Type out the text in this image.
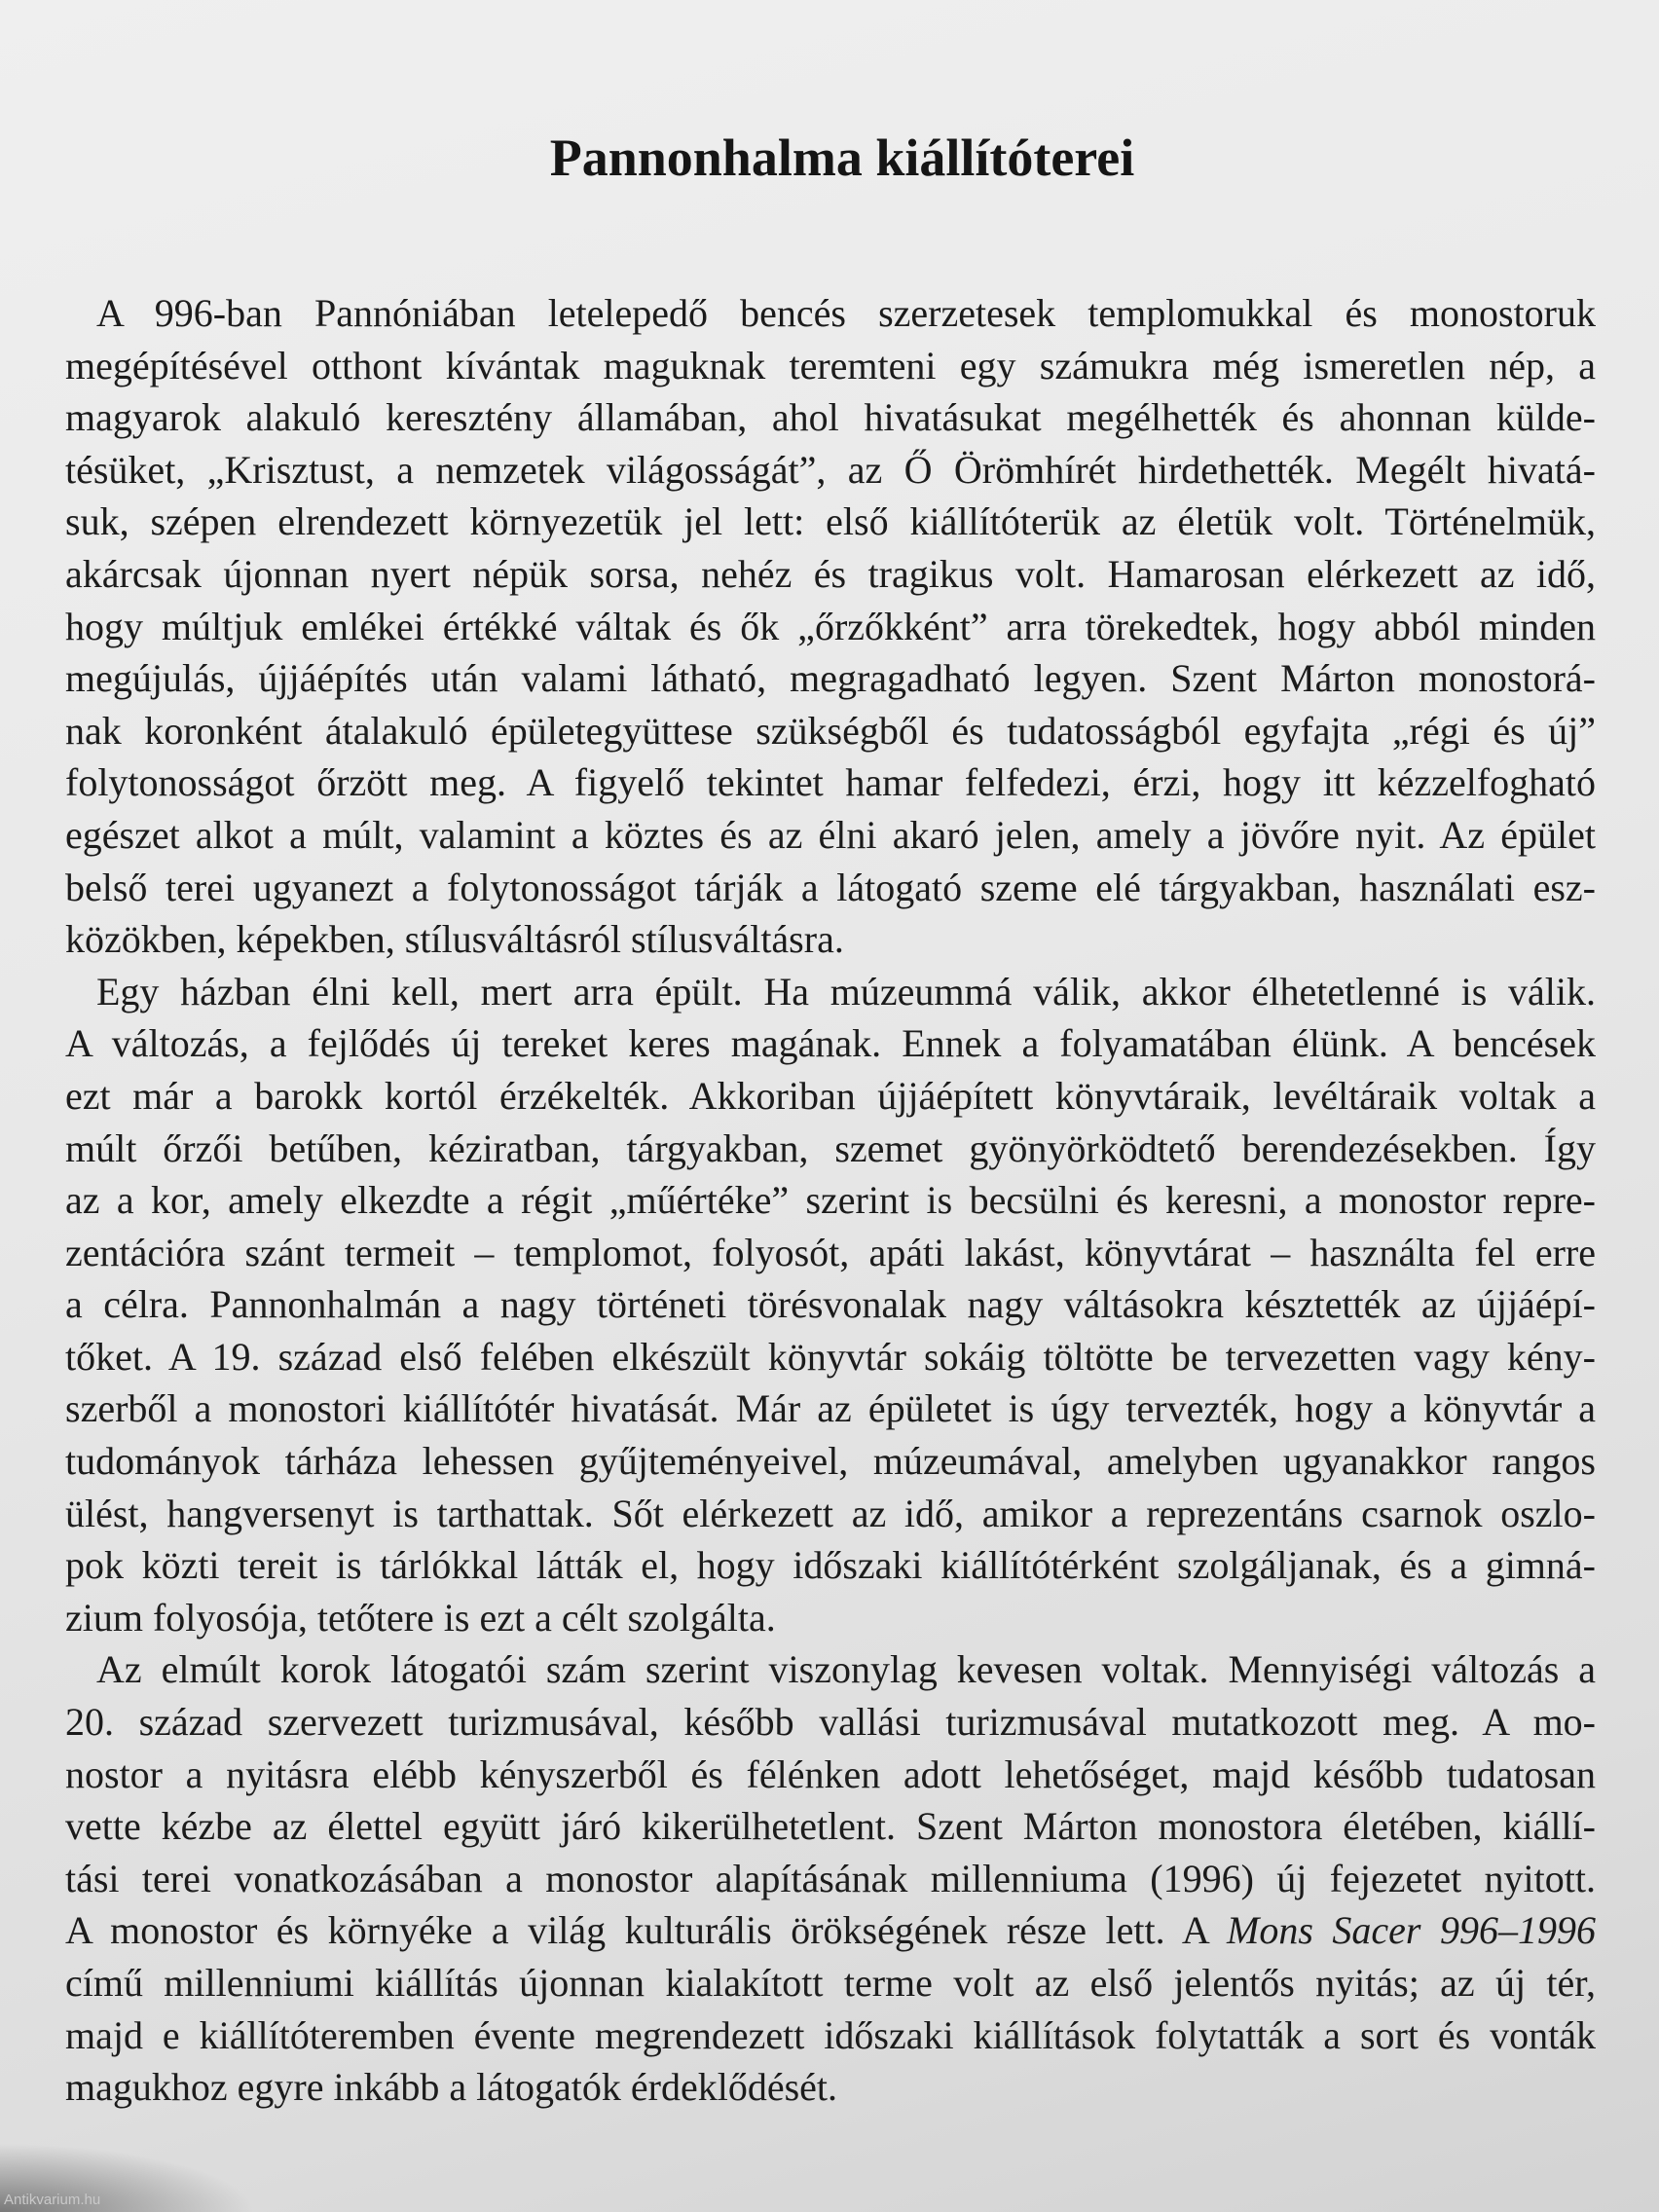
Pannonhalma kiállítóterei
A 996-ban Pannóniában letelepedő bencés szerzetesek templomukkal és monostoruk
megépítésével otthont kívántak maguknak teremteni egy számukra még ismeretlen nép, a
magyarok alakuló keresztény államában, ahol hivatásukat megélhették és ahonnan külde-
tésüket, „Krisztust, a nemzetek világosságát”, az Ő Örömhírét hirdethették. Megélt hivatá-
suk, szépen elrendezett környezetük jel lett: első kiállítóterük az életük volt. Történelmük,
akárcsak újonnan nyert népük sorsa, nehéz és tragikus volt. Hamarosan elérkezett az idő,
hogy múltjuk emlékei értékké váltak és ők „őrzőkként” arra törekedtek, hogy abból minden
megújulás, újjáépítés után valami látható, megragadható legyen. Szent Márton monostorá-
nak koronként átalakuló épületegyüttese szükségből és tudatosságból egyfajta „régi és új”
folytonosságot őrzött meg. A figyelő tekintet hamar felfedezi, érzi, hogy itt kézzelfogható
egészet alkot a múlt, valamint a köztes és az élni akaró jelen, amely a jövőre nyit. Az épület
belső terei ugyanezt a folytonosságot tárják a látogató szeme elé tárgyakban, használati esz-
közökben, képekben, stílusváltásról stílusváltásra.
Egy házban élni kell, mert arra épült. Ha múzeummá válik, akkor élhetetlenné is válik.
A változás, a fejlődés új tereket keres magának. Ennek a folyamatában élünk. A bencések
ezt már a barokk kortól érzékelték. Akkoriban újjáépített könyvtáraik, levéltáraik voltak a
múlt őrzői betűben, kéziratban, tárgyakban, szemet gyönyörködtető berendezésekben. Így
az a kor, amely elkezdte a régit „műértéke” szerint is becsülni és keresni, a monostor repre-
zentációra szánt termeit – templomot, folyosót, apáti lakást, könyvtárat – használta fel erre
a célra. Pannonhalmán a nagy történeti törésvonalak nagy váltásokra késztették az újjáépí-
tőket. A 19. század első felében elkészült könyvtár sokáig töltötte be tervezetten vagy kény-
szerből a monostori kiállítótér hivatását. Már az épületet is úgy tervezték, hogy a könyvtár a
tudományok tárháza lehessen gyűjteményeivel, múzeumával, amelyben ugyanakkor rangos
ülést, hangversenyt is tarthattak. Sőt elérkezett az idő, amikor a reprezentáns csarnok oszlo-
pok közti tereit is tárlókkal látták el, hogy időszaki kiállítótérként szolgáljanak, és a gimná-
zium folyosója, tetőtere is ezt a célt szolgálta.
Az elmúlt korok látogatói szám szerint viszonylag kevesen voltak. Mennyiségi változás a
20. század szervezett turizmusával, később vallási turizmusával mutatkozott meg. A mo-
nostor a nyitásra elébb kényszerből és félénken adott lehetőséget, majd később tudatosan
vette kézbe az élettel együtt járó kikerülhetetlent. Szent Márton monostora életében, kiállí-
tási terei vonatkozásában a monostor alapításának millenniuma (1996) új fejezetet nyitott.
A monostor és környéke a világ kulturális örökségének része lett. A Mons Sacer 996–1996
című millenniumi kiállítás újonnan kialakított terme volt az első jelentős nyitás; az új tér,
majd e kiállítóteremben évente megrendezett időszaki kiállítások folytatták a sort és vonták
magukhoz egyre inkább a látogatók érdeklődését.
Antikvarium.hu
